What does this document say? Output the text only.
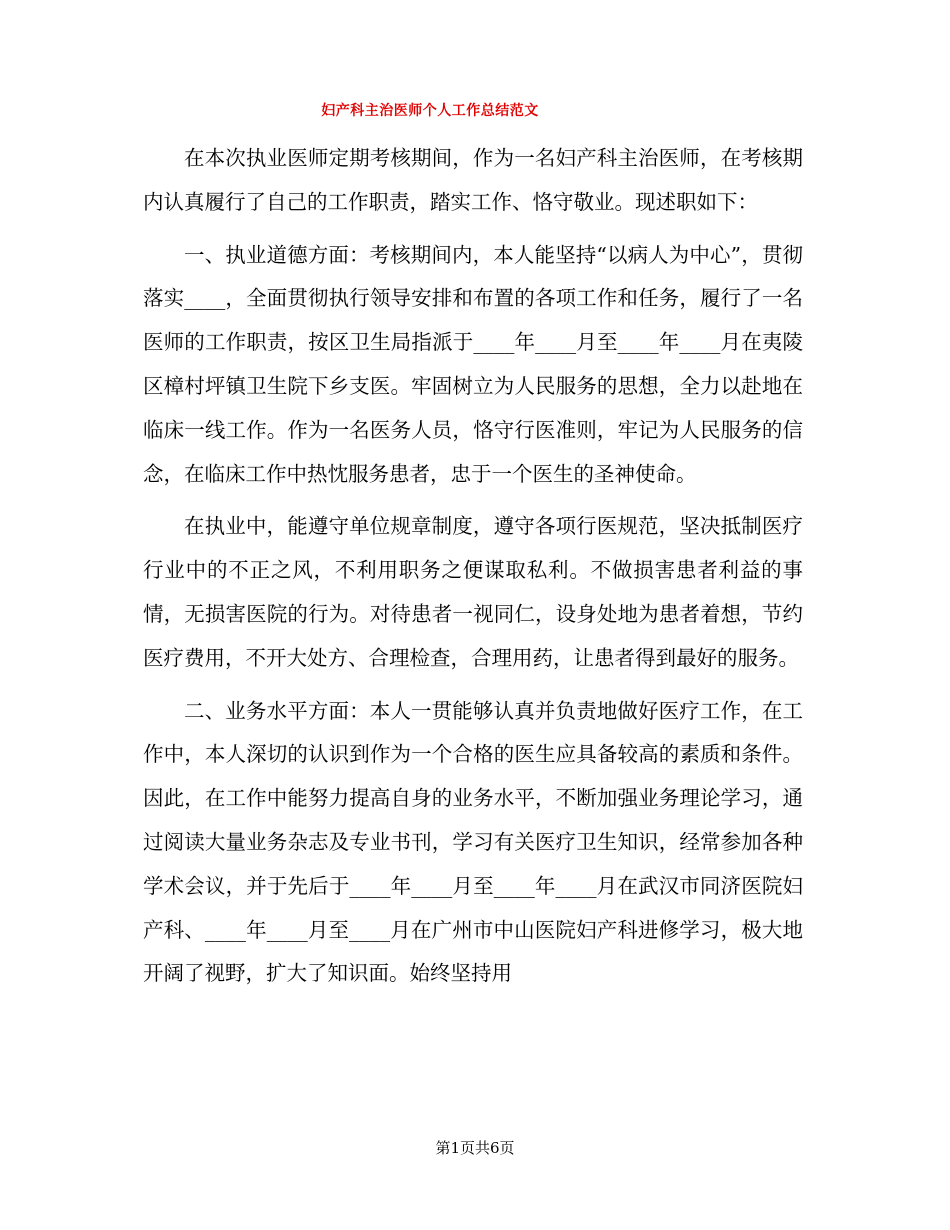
妇产科主治医师个人工作总结范文

在本次执业医师定期考核期间，作为一名妇产科主治医师，在考核期内认真履行了自己的工作职责，踏实工作、恪守敬业。现述职如下：

一、执业道德方面：考核期间内，本人能坚持“以病人为中心”，贯彻落实____，全面贯彻执行领导安排和布置的各项工作和任务，履行了一名医师的工作职责，按区卫生局指派于____年____月至____年____月在夷陵区樟村坪镇卫生院下乡支医。牢固树立为人民服务的思想，全力以赴地在临床一线工作。作为一名医务人员，恪守行医准则，牢记为人民服务的信念，在临床工作中热忱服务患者，忠于一个医生的圣神使命。

在执业中，能遵守单位规章制度，遵守各项行医规范，坚决抵制医疗行业中的不正之风，不利用职务之便谋取私利。不做损害患者利益的事情，无损害医院的行为。对待患者一视同仁，设身处地为患者着想，节约医疗费用，不开大处方、合理检查，合理用药，让患者得到最好的服务。

二、业务水平方面：本人一贯能够认真并负责地做好医疗工作，在工作中，本人深切的认识到作为一个合格的医生应具备较高的素质和条件。因此，在工作中能努力提高自身的业务水平，不断加强业务理论学习，通过阅读大量业务杂志及专业书刊，学习有关医疗卫生知识，经常参加各种学术会议，并于先后于____年____月至____年____月在武汉市同济医院妇产科、____年____月至____月在广州市中山医院妇产科进修学习，极大地开阔了视野，扩大了知识面。始终坚持用

第1页共6页
